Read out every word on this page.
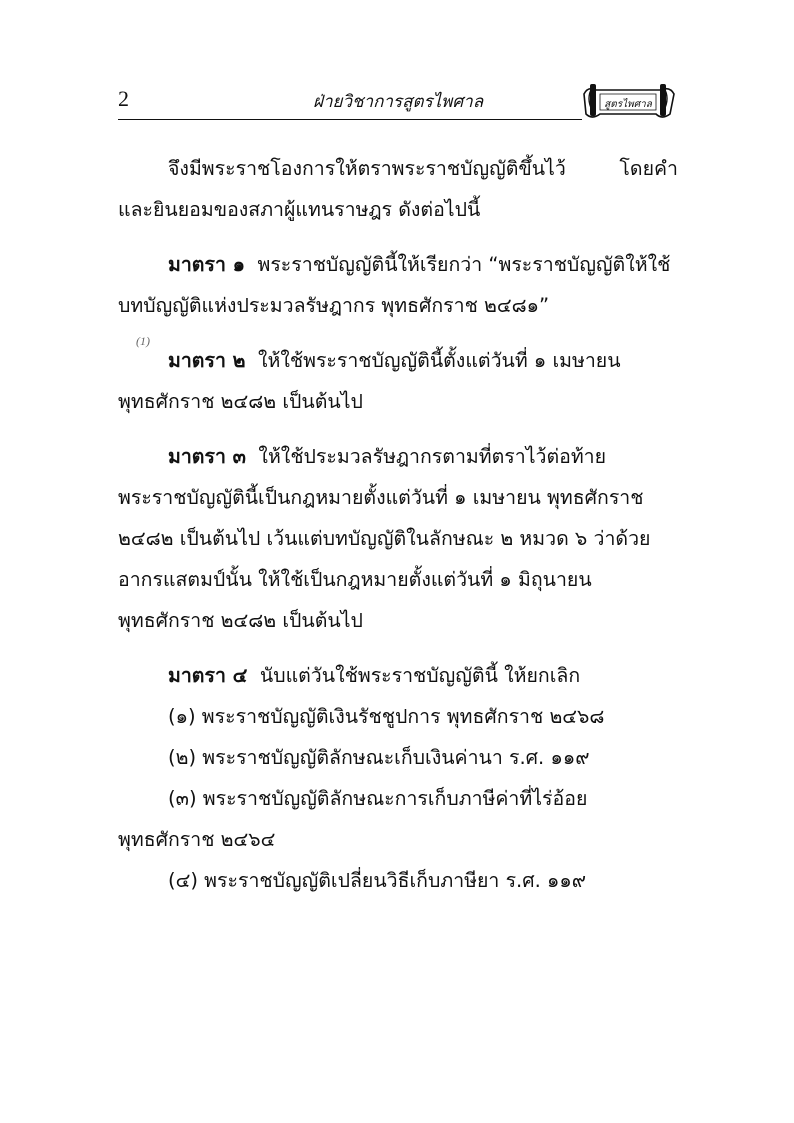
2	ฝ่ายวิชาการสูตรไพศาล	สูตรไพศาล
จึงมีพระราชโองการให้ตราพระราชบัญญัติขึ้นไว้ โดยคำ
และยินยอมของสภาผู้แทนราษฎร ดังต่อไปนี้
มาตรา ๑ พระราชบัญญัตินี้ให้เรียกว่า “พระราชบัญญัติให้ใช้
บทบัญญัติแห่งประมวลรัษฎากร พุทธศักราช ๒๔๘๑”
(1)
มาตรา ๒ ให้ใช้พระราชบัญญัตินี้ตั้งแต่วันที่ ๑ เมษายน
พุทธศักราช ๒๔๘๒ เป็นต้นไป
มาตรา ๓ ให้ใช้ประมวลรัษฎากรตามที่ตราไว้ต่อท้าย
พระราชบัญญัตินี้เป็นกฎหมายตั้งแต่วันที่ ๑ เมษายน พุทธศักราช
๒๔๘๒ เป็นต้นไป เว้นแต่บทบัญญัติในลักษณะ ๒ หมวด ๖ ว่าด้วย
อากรแสตมป์นั้น ให้ใช้เป็นกฎหมายตั้งแต่วันที่ ๑ มิถุนายน
พุทธศักราช ๒๔๘๒ เป็นต้นไป
มาตรา ๔ นับแต่วันใช้พระราชบัญญัตินี้ ให้ยกเลิก
(๑) พระราชบัญญัติเงินรัชชูปการ พุทธศักราช ๒๔๖๘
(๒) พระราชบัญญัติลักษณะเก็บเงินค่านา ร.ศ. ๑๑๙
(๓) พระราชบัญญัติลักษณะการเก็บภาษีค่าที่ไร่อ้อย
พุทธศักราช ๒๔๖๔
(๔) พระราชบัญญัติเปลี่ยนวิธีเก็บภาษียา ร.ศ. ๑๑๙
